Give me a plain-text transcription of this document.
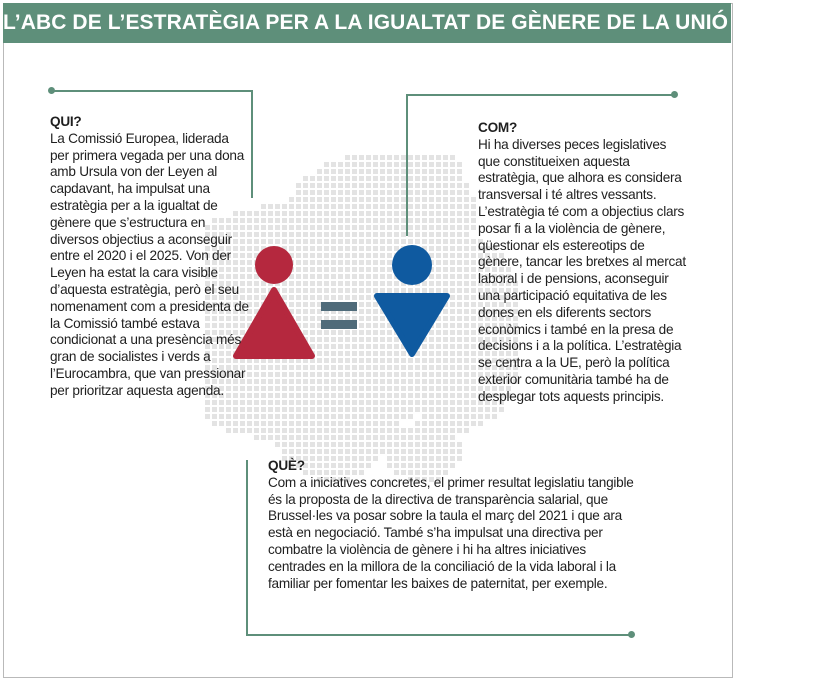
L’ABC DE L’ESTRATÈGIA PER A LA IGUALTAT DE GÈNERE DE LA UNIÓ EUROPEA
QUI?
La Comissió Europea, liderada per primera vegada per una dona amb Ursula von der Leyen al capdavant, ha impulsat una estratègia per a la igualtat de gènere que s’estructura en diversos objectius a aconseguir entre el 2020 i el 2025. Von der Leyen ha estat la cara visible d’aquesta estratègia, però el seu nomenament com a presidenta de la Comissió també estava condicionat a una presència més gran de socialistes i verds a l’Eurocambra, que van pressionar per prioritzar aquesta agenda.
COM?
Hi ha diverses peces legislatives que constitueixen aquesta estratègia, que alhora es considera transversal i té altres vessants. L’estratègia té com a objectius clars posar fi a la violència de gènere, qüestionar els estereotips de gènere, tancar les bretxes al mercat laboral i de pensions, aconseguir una participació equitativa de les dones en els diferents sectors econòmics i també en la presa de decisions i a la política. L’estratègia se centra a la UE, però la política exterior comunitària també ha de desplegar tots aquests principis.
QUÈ?
Com a iniciatives concretes, el primer resultat legislatiu tangible és la proposta de la directiva de transparència salarial, que Brussel·les va posar sobre la taula el març del 2021 i que ara està en negociació. També s’ha impulsat una directiva per combatre la violència de gènere i hi ha altres iniciatives centrades en la millora de la conciliació de la vida laboral i la familiar per fomentar les baixes de paternitat, per exemple.
